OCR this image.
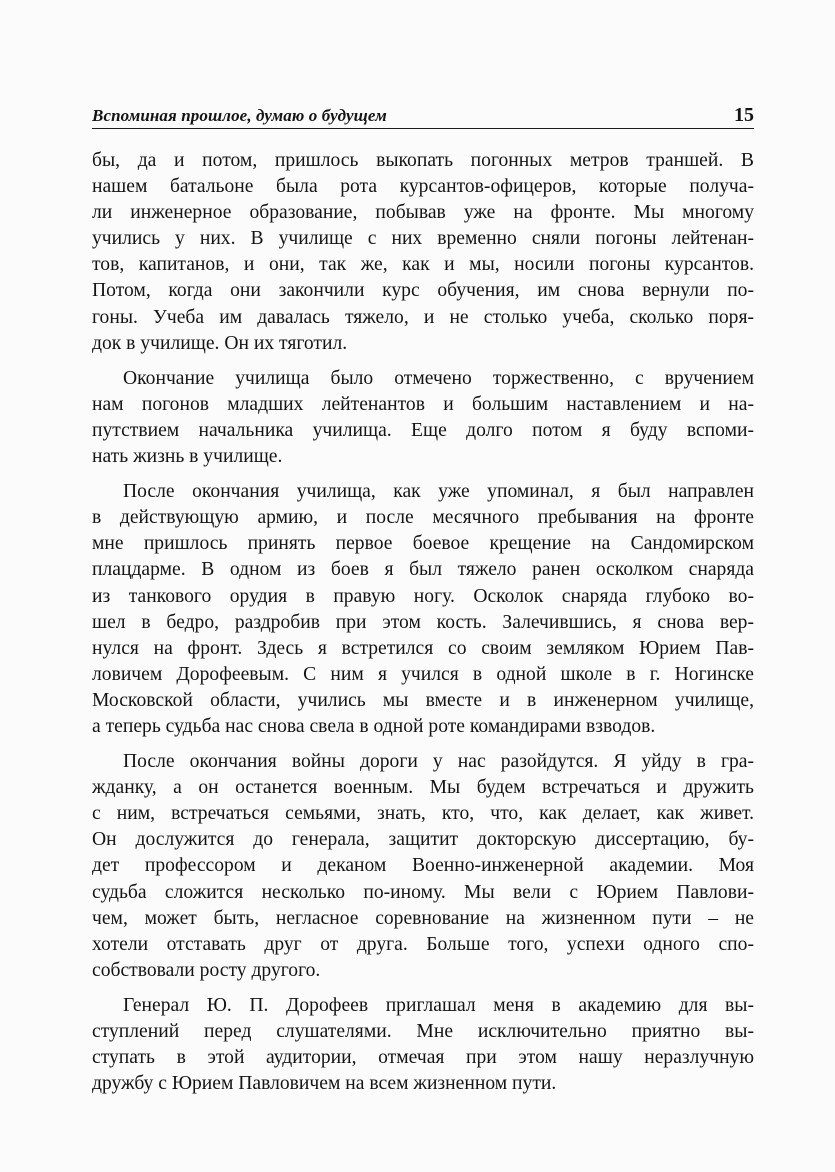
Вспоминая прошлое, думаю о будущем	15
бы, да и потом, пришлось выкопать погонных метров траншей. В
нашем батальоне была рота курсантов-офицеров, которые получа-
ли инженерное образование, побывав уже на фронте. Мы многому
учились у них. В училище с них временно сняли погоны лейтенан-
тов, капитанов, и они, так же, как и мы, носили погоны курсантов.
Потом, когда они закончили курс обучения, им снова вернули по-
гоны. Учеба им давалась тяжело, и не столько учеба, сколько поря-
док в училище. Он их тяготил.
Окончание училища было отмечено торжественно, с вручением
нам погонов младших лейтенантов и большим наставлением и на-
путствием начальника училища. Еще долго потом я буду вспоми-
нать жизнь в училище.
После окончания училища, как уже упоминал, я был направлен
в действующую армию, и после месячного пребывания на фронте
мне пришлось принять первое боевое крещение на Сандомирском
плацдарме. В одном из боев я был тяжело ранен осколком снаряда
из танкового орудия в правую ногу. Осколок снаряда глубоко во-
шел в бедро, раздробив при этом кость. Залечившись, я снова вер-
нулся на фронт. Здесь я встретился со своим земляком Юрием Пав-
ловичем Дорофеевым. С ним я учился в одной школе в г. Ногинске
Московской области, учились мы вместе и в инженерном училище,
а теперь судьба нас снова свела в одной роте командирами взводов.
После окончания войны дороги у нас разойдутся. Я уйду в гра-
жданку, а он останется военным. Мы будем встречаться и дружить
с ним, встречаться семьями, знать, кто, что, как делает, как живет.
Он дослужится до генерала, защитит докторскую диссертацию, бу-
дет профессором и деканом Военно-инженерной академии. Моя
судьба сложится несколько по-иному. Мы вели с Юрием Павлови-
чем, может быть, негласное соревнование на жизненном пути – не
хотели отставать друг от друга. Больше того, успехи одного спо-
собствовали росту другого.
Генерал Ю. П. Дорофеев приглашал меня в академию для вы-
ступлений перед слушателями. Мне исключительно приятно вы-
ступать в этой аудитории, отмечая при этом нашу неразлучную
дружбу с Юрием Павловичем на всем жизненном пути.
